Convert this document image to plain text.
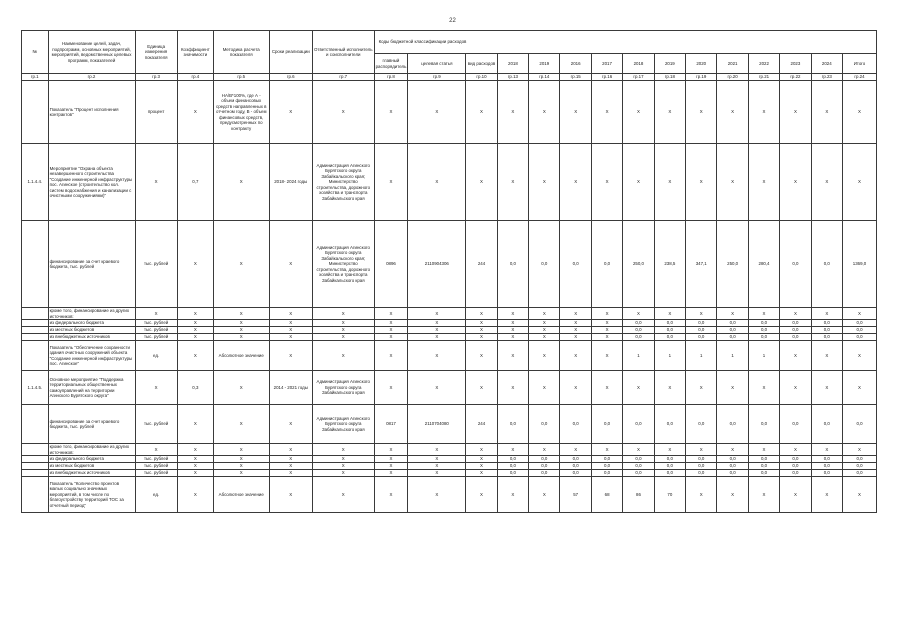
22
№	Наименование целей, задач, подпрограмм, основных мероприятий, мероприятий, ведомственных целевых программ, показателей	Единица измерения показателя	Коэффициент значимости	Методика расчета показателя	Сроки реализации	Ответственный исполнитель и соисполнители	Коды бюджетной классификации расходов														
							главный распорядитель	целевая статья	вид расходов	2018	2019	2016	2017	2018	2019	2020	2021	2022	2023	2024	Итого
гр.1	гр.2	гр.3	гр.4	гр.5	гр.6	гр.7	гр.8	гр.9	гр.10	гр.13	гр.14	гр.15	гр.16	гр.17	гр.18	гр.19	гр.20	гр.21	гр.22	гр.23	гр.24
	Показатель "Процент исполнения контрактов"	процент	Х	НА/В*100%, где А - объем финансовых средств направленных в отчетном году, В - объем финансовых средств, предусмотренных по контракту	Х	Х	Х	Х	Х	Х	Х	Х	Х	Х	Х	Х	Х	Х	Х	Х	Х
1.1.4.4.	Мероприятие "Охрана объекта незавершенного строительства "Создание инженерной инфраструктуры пос. Агинское (строительство кол. систем водоснабжения и канализации с очистными сооружениями)"	Х	0,7	Х	2018- 2024 годы	Администрация Агинского Бурятского округа Забайкальского края; Министерство строительства, дорожного хозяйства и транспорта Забайкальского края	Х	Х	Х	Х	Х	Х	Х	Х	Х	Х	Х	Х	Х	Х	Х
	финансирование за счет краевого бюджета, тыс. рублей	тыс. рублей	Х	Х	Х	Администрация Агинского Бурятского округа Забайкальского края; Министерство строительства, дорожного хозяйства и транспорта Забайкальского края	0896	2110904306	244	0,0	0,0	0,0	0,0	250,0	238,5	347,1	250,0	280,4	0,0	0,0	1369,0
	кроме того, финансирование из других источников:	Х	Х	Х	Х	Х	Х	Х	Х	Х	Х	Х	Х	Х	Х	Х	Х	Х	Х	Х	Х
	из федерального бюджета	тыс. рублей	Х	Х	Х	Х	Х	Х	Х	Х	Х	Х	Х	0,0	0,0	0,0	0,0	0,0	0,0	0,0	0,0
	из местных бюджетов	тыс. рублей	Х	Х	Х	Х	Х	Х	Х	Х	Х	Х	Х	0,0	0,0	0,0	0,0	0,0	0,0	0,0	0,0
	из внебюджетных источников	тыс. рублей	Х	Х	Х	Х	Х	Х	Х	Х	Х	Х	Х	0,0	0,0	0,0	0,0	0,0	0,0	0,0	0,0
	Показатель "Обеспечение сохранности здания очистных сооружений объекта "Создание инженерной инфраструктуры пос. Агинское"	ед.	Х	Абсолютное значение	Х	Х	Х	Х	Х	Х	Х	Х	Х	1	1	1	1	1	Х	Х	Х
1.1.4.5.	Основное мероприятие "Поддержка территориальных общественных самоуправлений на территории Агинского Бурятского округа"	Х	0,3	Х	2014 - 2021 годы	Администрация Агинского Бурятского округа Забайкальского края	Х	Х	Х	Х	Х	Х	Х	Х	Х	Х	Х	Х	Х	Х	Х
	финансирование за счет краевого бюджета, тыс. рублей	тыс. рублей	Х	Х	Х	Администрация Агинского Бурятского округа Забайкальского края	0817	2110704080	244	0,0	0,0	0,0	0,0	0,0	0,0	0,0	0,0	0,0	0,0	0,0	0,0
	кроме того, финансирование из других источников:	Х	Х	Х	Х	Х	Х	Х	Х	Х	Х	Х	Х	Х	Х	Х	Х	Х	Х	Х	Х
	из федерального бюджета	тыс. рублей	Х	Х	Х	Х	Х	Х	Х	0,0	0,0	0,0	0,0	0,0	0,0	0,0	0,0	0,0	0,0	0,0	0,0
	из местных бюджетов	тыс. рублей	Х	Х	Х	Х	Х	Х	Х	0,0	0,0	0,0	0,0	0,0	0,0	0,0	0,0	0,0	0,0	0,0	0,0
	из внебюджетных источников	тыс. рублей	Х	Х	Х	Х	Х	Х	Х	0,0	0,0	0,0	0,0	0,0	0,0	0,0	0,0	0,0	0,0	0,0	0,0
	Показатель "Количество проектов малых социально значимых мероприятий, в том числе по благоустройству территорий ТОС за отчетный период"	ед.	Х	Абсолютное значение	Х	Х	Х	Х	Х	Х	Х	57	68	86	70	Х	Х	Х	Х	Х	Х
